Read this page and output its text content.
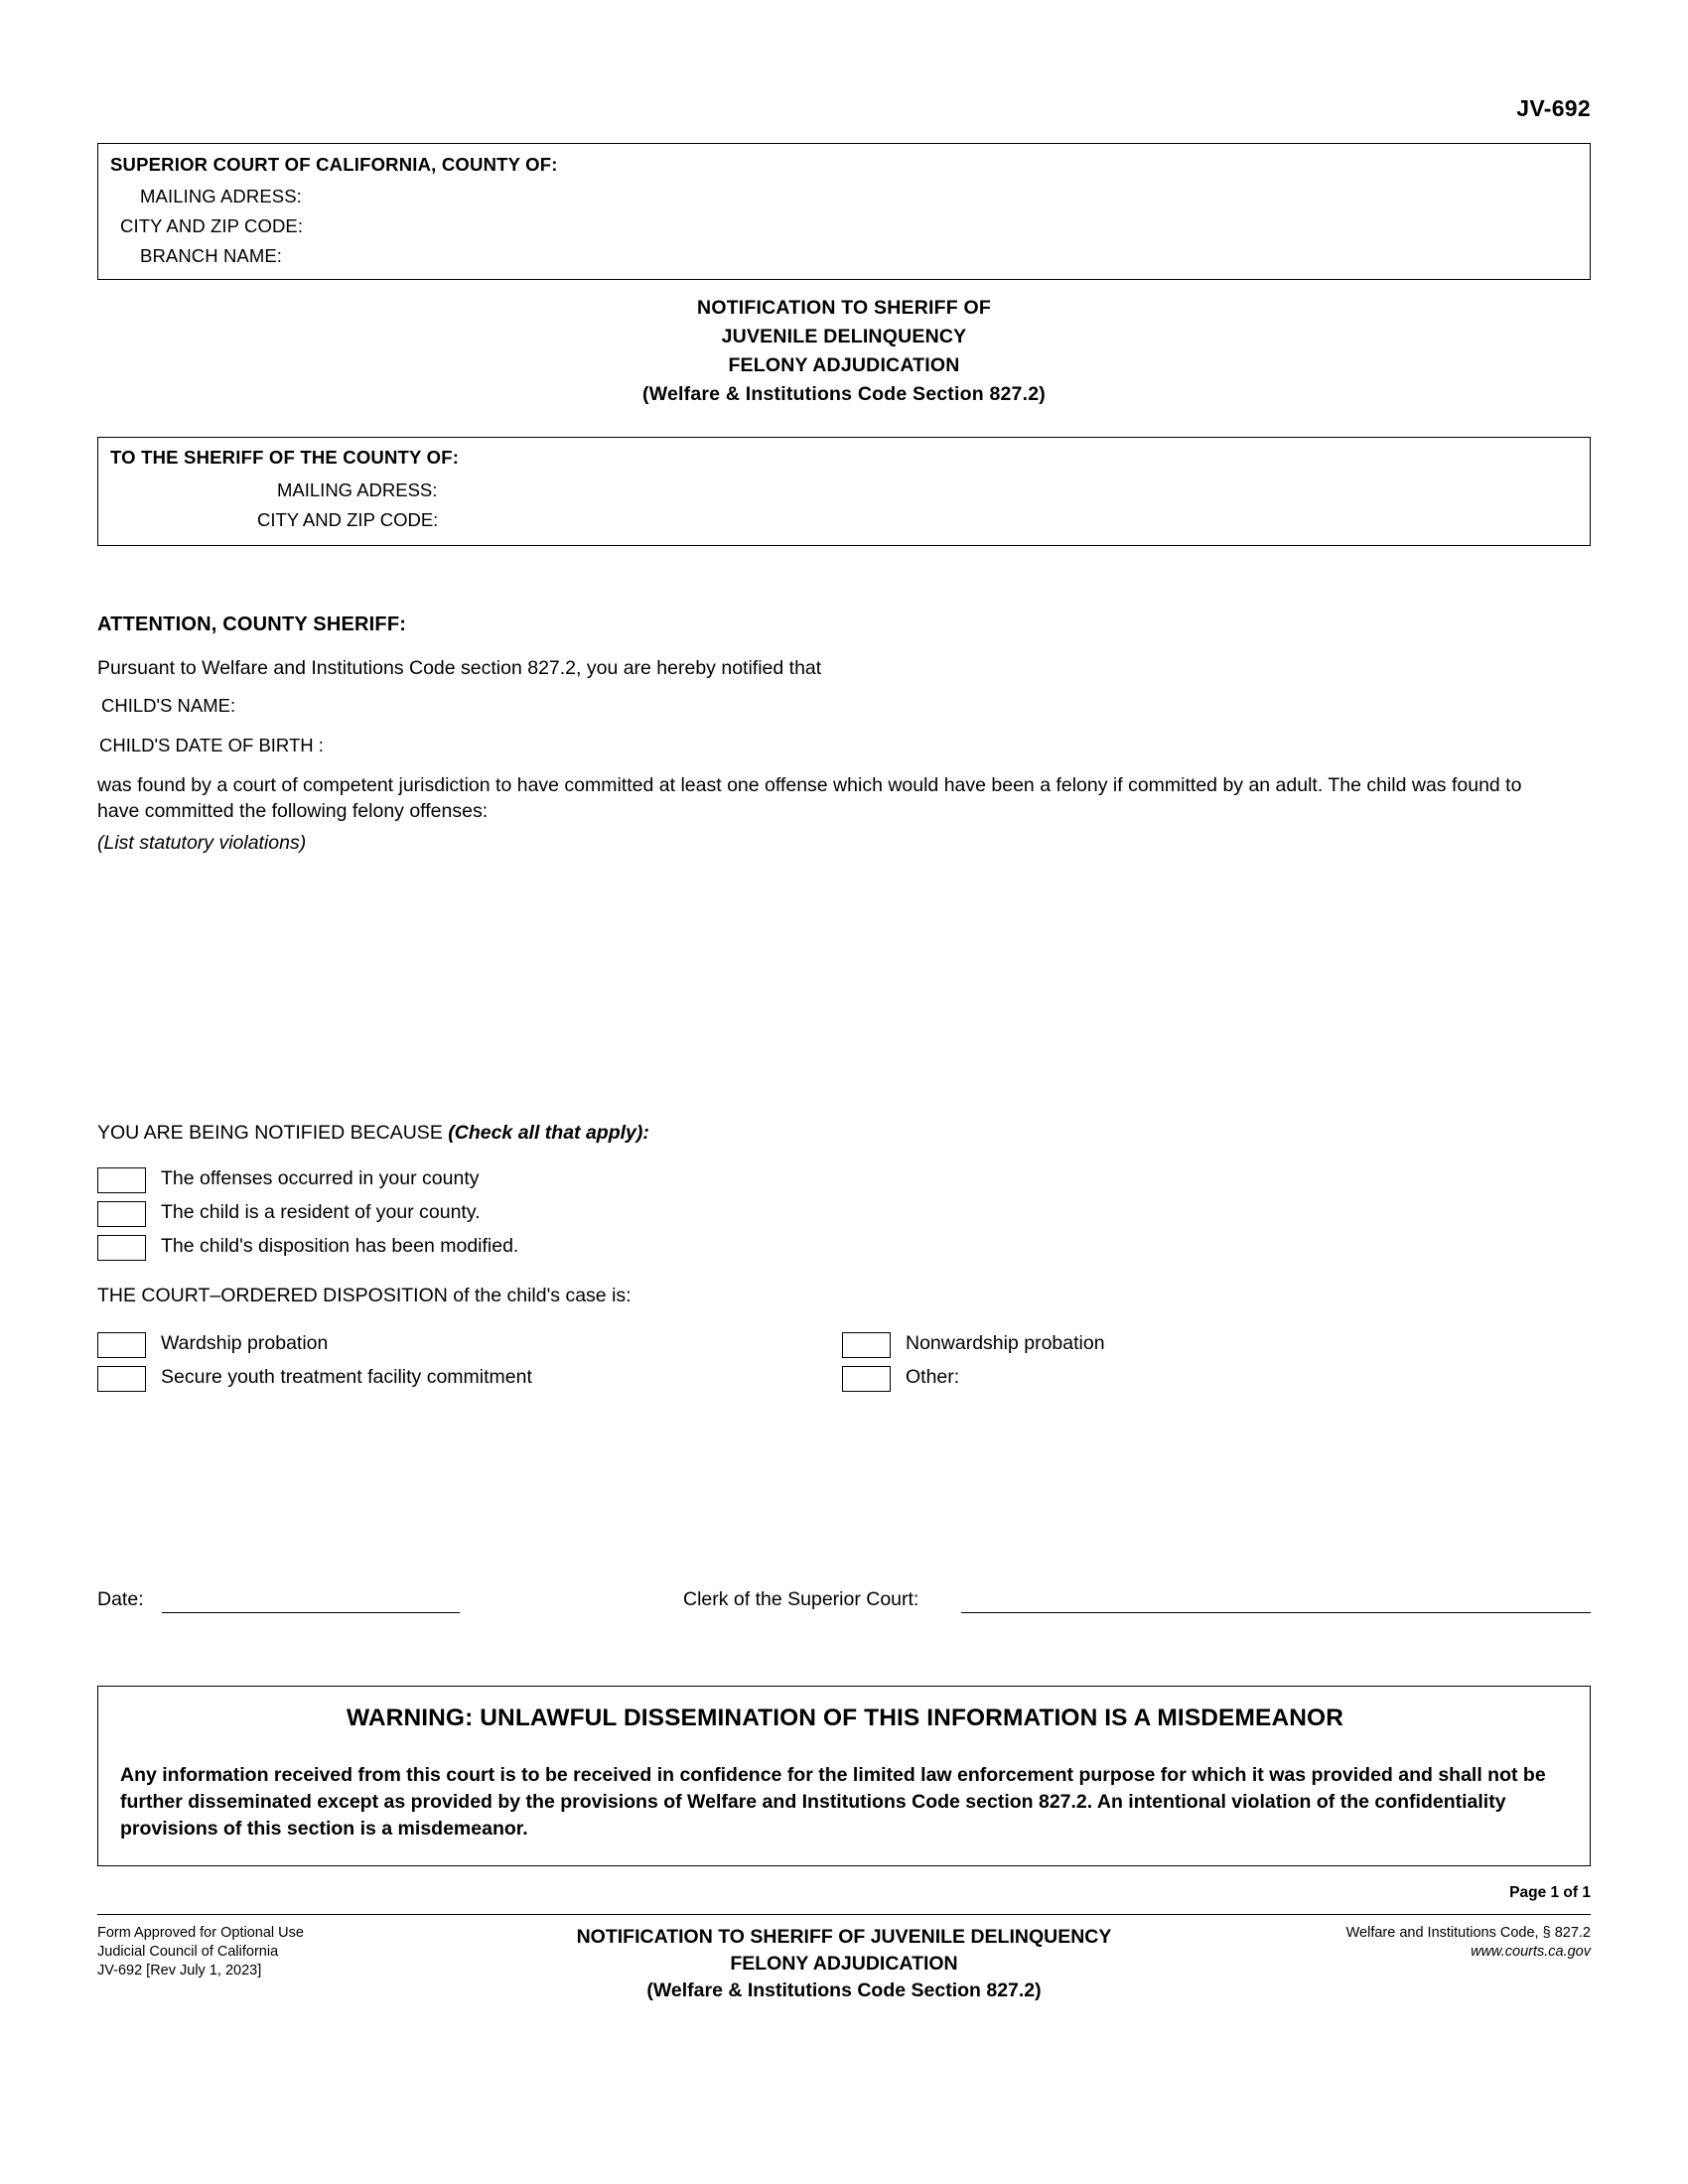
JV-692
SUPERIOR COURT OF CALIFORNIA, COUNTY OF:
MAILING ADRESS:
CITY AND ZIP CODE:
BRANCH NAME:
NOTIFICATION TO SHERIFF OF
JUVENILE DELINQUENCY
FELONY ADJUDICATION
(Welfare & Institutions Code Section 827.2)
TO THE SHERIFF OF THE COUNTY OF:
MAILING ADRESS:
CITY AND ZIP CODE:
ATTENTION, COUNTY SHERIFF:
Pursuant to Welfare and Institutions Code section 827.2, you are hereby notified that
CHILD'S NAME:
CHILD'S DATE OF BIRTH :
was found by a court of competent jurisdiction to have committed at least one offense which would have been a felony if committed by an adult. The child was found to have committed the following felony offenses:
(List statutory violations)
YOU ARE BEING NOTIFIED BECAUSE (Check all that apply):
The offenses occurred in your county
The child is a resident of your county.
The child's disposition has been modified.
THE COURT–ORDERED DISPOSITION of the child's case is:
Wardship probation
Secure youth treatment facility commitment
Nonwardship probation
Other:
Date:	Clerk of the Superior Court:
WARNING: UNLAWFUL DISSEMINATION OF THIS INFORMATION IS A MISDEMEANOR
Any information received from this court is to be received in confidence for the limited law enforcement purpose for which it was provided and shall not be further disseminated except as provided by the provisions of Welfare and Institutions Code section 827.2. An intentional violation of the confidentiality provisions of this section is a misdemeanor.
Page 1 of 1
Form Approved for Optional Use
Judicial Council of California
JV-692 [Rev July 1, 2023]
NOTIFICATION TO SHERIFF OF JUVENILE DELINQUENCY
FELONY ADJUDICATION
(Welfare & Institutions Code Section 827.2)
Welfare and Institutions Code, § 827.2
www.courts.ca.gov
